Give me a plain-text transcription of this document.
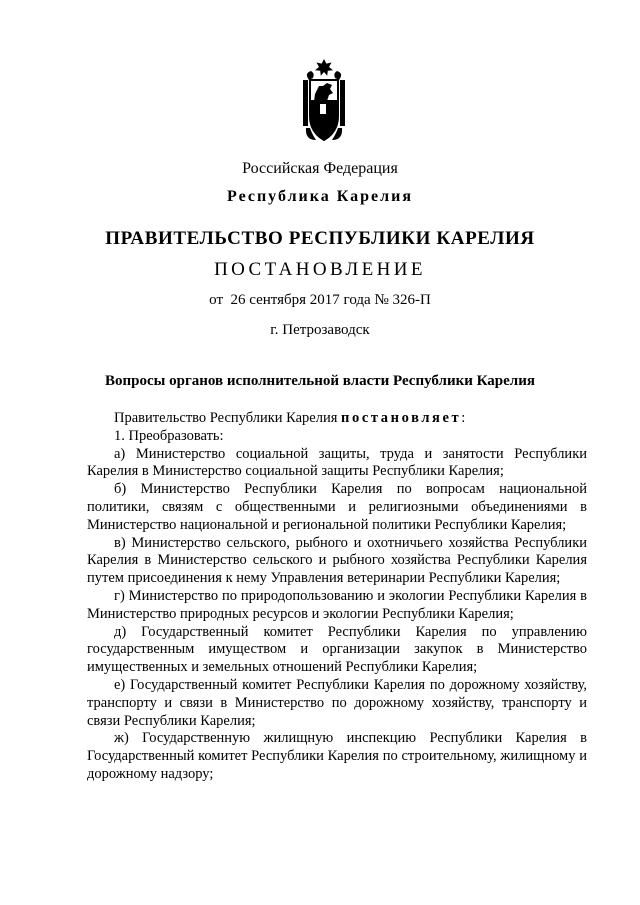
Российская Федерация
Республика Карелия
ПРАВИТЕЛЬСТВО РЕСПУБЛИКИ КАРЕЛИЯ
ПОСТАНОВЛЕНИЕ
от  26 сентября 2017 года № 326-П
г. Петрозаводск
Вопросы органов исполнительной власти Республики Карелия

Правительство Республики Карелия постановляет:

1. Преобразовать:

а) Министерство социальной защиты, труда и занятости Республики Карелия в Министерство социальной защиты Республики Карелия;

б) Министерство Республики Карелия по вопросам национальной политики, связям с общественными и религиозными объединениями в Министерство национальной и региональной политики Республики Карелия;

в) Министерство сельского, рыбного и охотничьего хозяйства Республики Карелия в Министерство сельского и рыбного хозяйства Республики Карелия путем присоединения к нему Управления ветеринарии Республики Карелия;

г) Министерство по природопользованию и экологии Республики Карелия в Министерство природных ресурсов и экологии Республики Карелия;

д) Государственный комитет Республики Карелия по управлению государственным имуществом и организации закупок в Министерство имущественных и земельных отношений Республики Карелия;

е) Государственный комитет Республики Карелия по дорожному хозяйству, транспорту и связи в Министерство по дорожному хозяйству, транспорту и связи Республики Карелия;

ж) Государственную жилищную инспекцию Республики Карелия в Государственный комитет Республики Карелия по строительному, жилищному и дорожному надзору;
